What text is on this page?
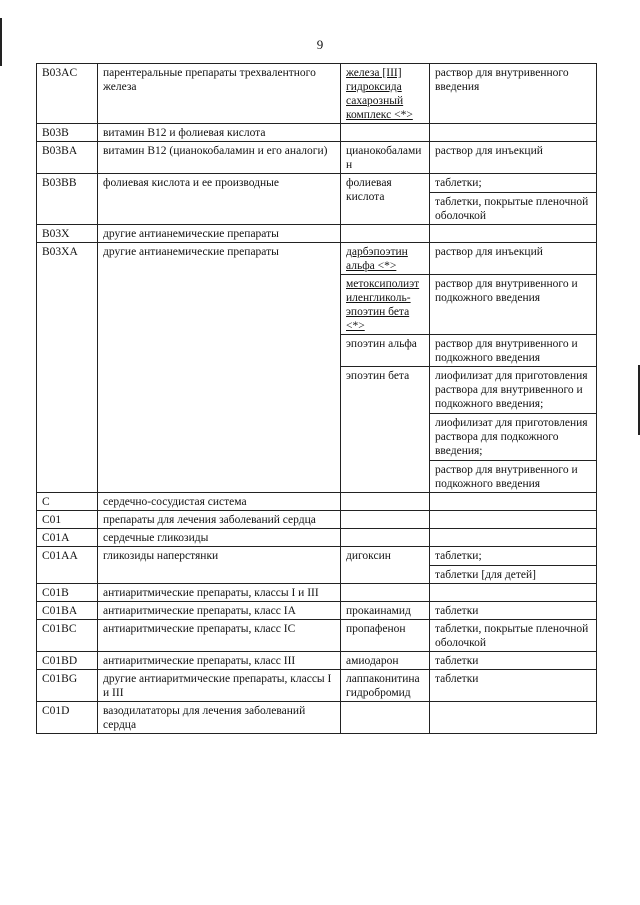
9
B03AC	парентеральные препараты трехвалентного железа	железа [III] гидроксида сахарозный комплекс <*>	раствор для внутривенного введения

B03B	витамин B12 и фолиевая кислота		
B03BA	витамин B12 (цианокобаламин и его аналоги)	цианокобаламин	раствор для инъекций

B03BB	фолиевая кислота и ее производные	фолиевая кислота	таблетки;
таблетки, покрытые пленочной оболочкой

B03X	другие антианемические препараты		
B03XA	другие антианемические препараты	дарбэпоэтин альфа <*>	раствор для инъекций

		метоксиполиэтиленгликоль-эпоэтин бета <*>	раствор для внутривенного и подкожного введения

		эпоэтин альфа	раствор для внутривенного и подкожного введения

		эпоэтин бета	лиофилизат для приготовления раствора для внутривенного и подкожного введения;
лиофилизат для приготовления раствора для подкожного введения;
раствор для внутривенного и подкожного введения

C	сердечно-сосудистая система		
C01	препараты для лечения заболеваний сердца		
C01A	сердечные гликозиды		
C01AA	гликозиды наперстянки	дигоксин	таблетки;
таблетки [для детей]

C01B	антиаритмические препараты, классы I и III		
C01BA	антиаритмические препараты, класс IA	прокаинамид	таблетки

C01BC	антиаритмические препараты, класс IC	пропафенон	таблетки, покрытые пленочной оболочкой

C01BD	антиаритмические препараты, класс III	амиодарон	таблетки

C01BG	другие антиаритмические препараты, классы I и III	лаппаконитина гидробромид	таблетки

C01D	вазодилататоры для лечения заболеваний сердца		
